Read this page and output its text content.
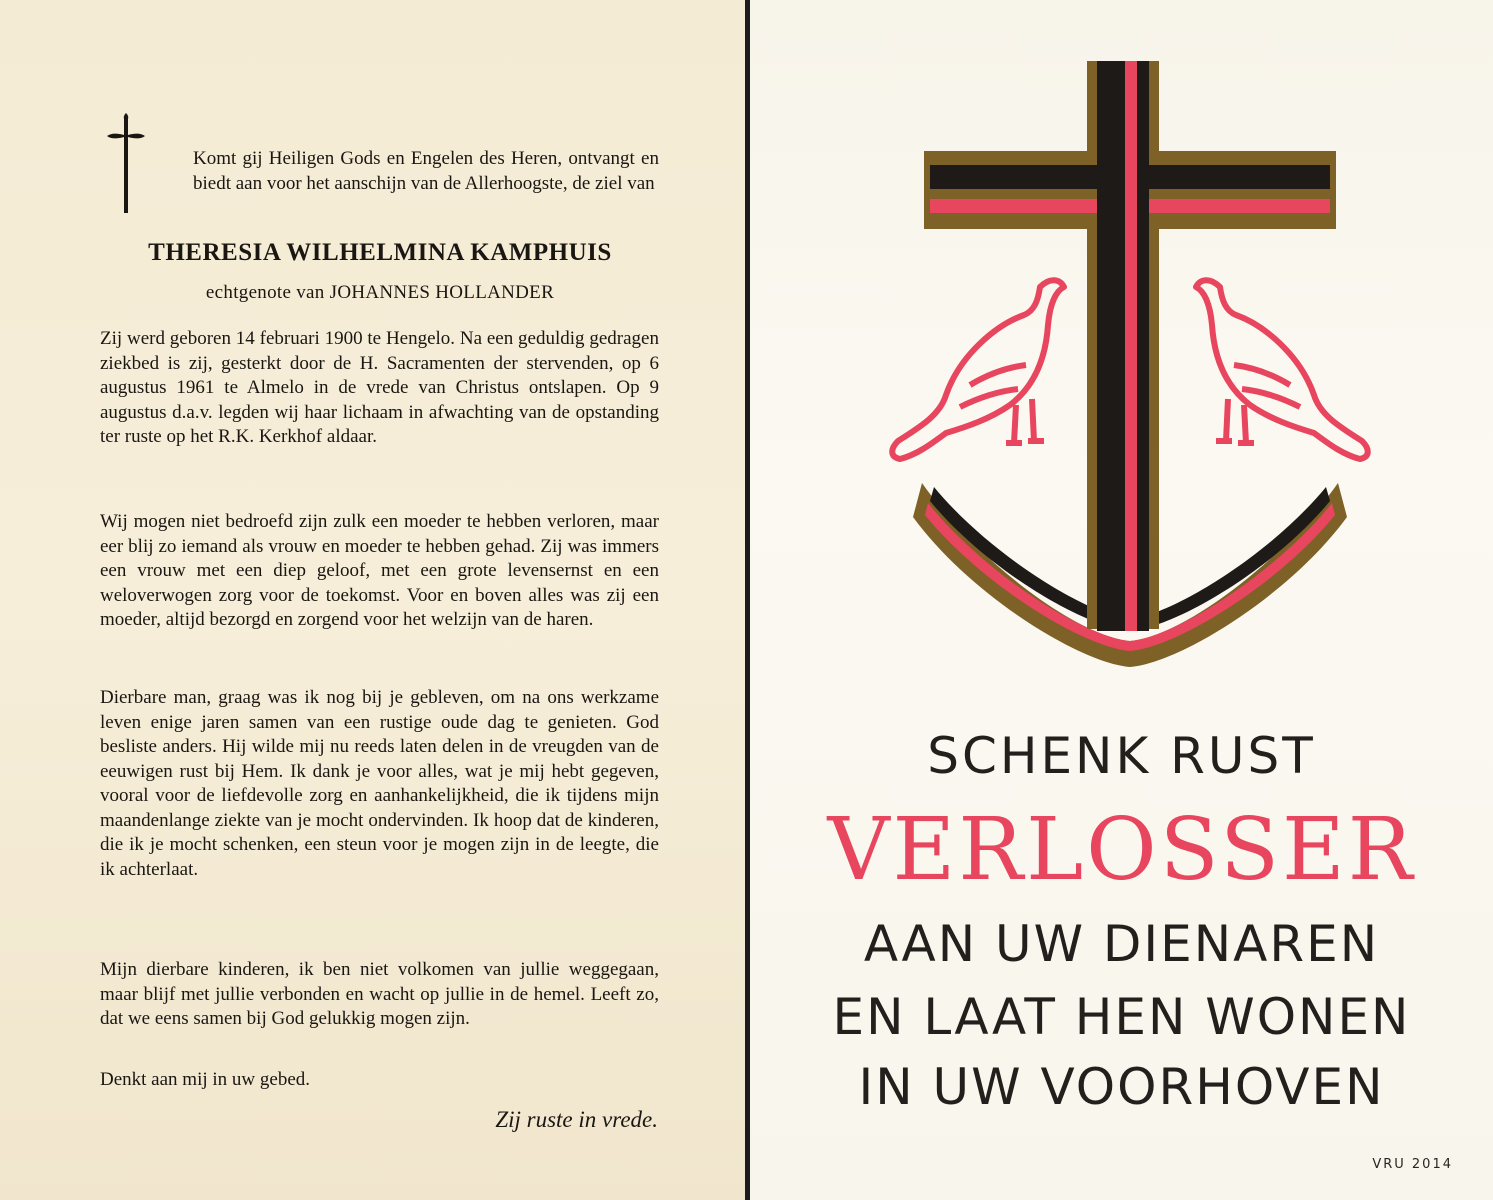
Komt gij Heiligen Gods en Engelen des Heren, ontvangt en biedt aan voor het aanschijn van de Allerhoogste, de ziel van
THERESIA WILHELMINA KAMPHUIS
echtgenote van JOHANNES HOLLANDER

Zij werd geboren 14 februari 1900 te Hengelo. Na een geduldig gedragen ziekbed is zij, gesterkt door de H. Sacramenten der stervenden, op 6 augustus 1961 te Almelo in de vrede van Christus ontslapen. Op 9 augustus d.a.v. legden wij haar lichaam in afwachting van de opstanding ter ruste op het R.K. Kerkhof aldaar.

Wij mogen niet bedroefd zijn zulk een moeder te hebben verloren, maar eer blij zo iemand als vrouw en moeder te hebben gehad. Zij was immers een vrouw met een diep geloof, met een grote levensernst en een weloverwogen zorg voor de toekomst. Voor en boven alles was zij een moeder, altijd bezorgd en zorgend voor het welzijn van de haren.

Dierbare man, graag was ik nog bij je gebleven, om na ons werkzame leven enige jaren samen van een rustige oude dag te genieten. God besliste anders. Hij wilde mij nu reeds laten delen in de vreugden van de eeuwigen rust bij Hem. Ik dank je voor alles, wat je mij hebt gegeven, vooral voor de liefdevolle zorg en aanhankelijkheid, die ik tijdens mijn maandenlange ziekte van je mocht ondervinden. Ik hoop dat de kinderen, die ik je mocht schenken, een steun voor je mogen zijn in de leegte, die ik achterlaat.

Mijn dierbare kinderen, ik ben niet volkomen van jullie weggegaan, maar blijf met jullie verbonden en wacht op jullie in de hemel. Leeft zo, dat we eens samen bij God gelukkig mogen zijn.

Denkt aan mij in uw gebed.

Zij ruste in vrede.
SCHENK RUST
VERLOSSER
AAN UW DIENAREN
EN LAAT HEN WONEN
IN UW VOORHOVEN
VRU 2014
